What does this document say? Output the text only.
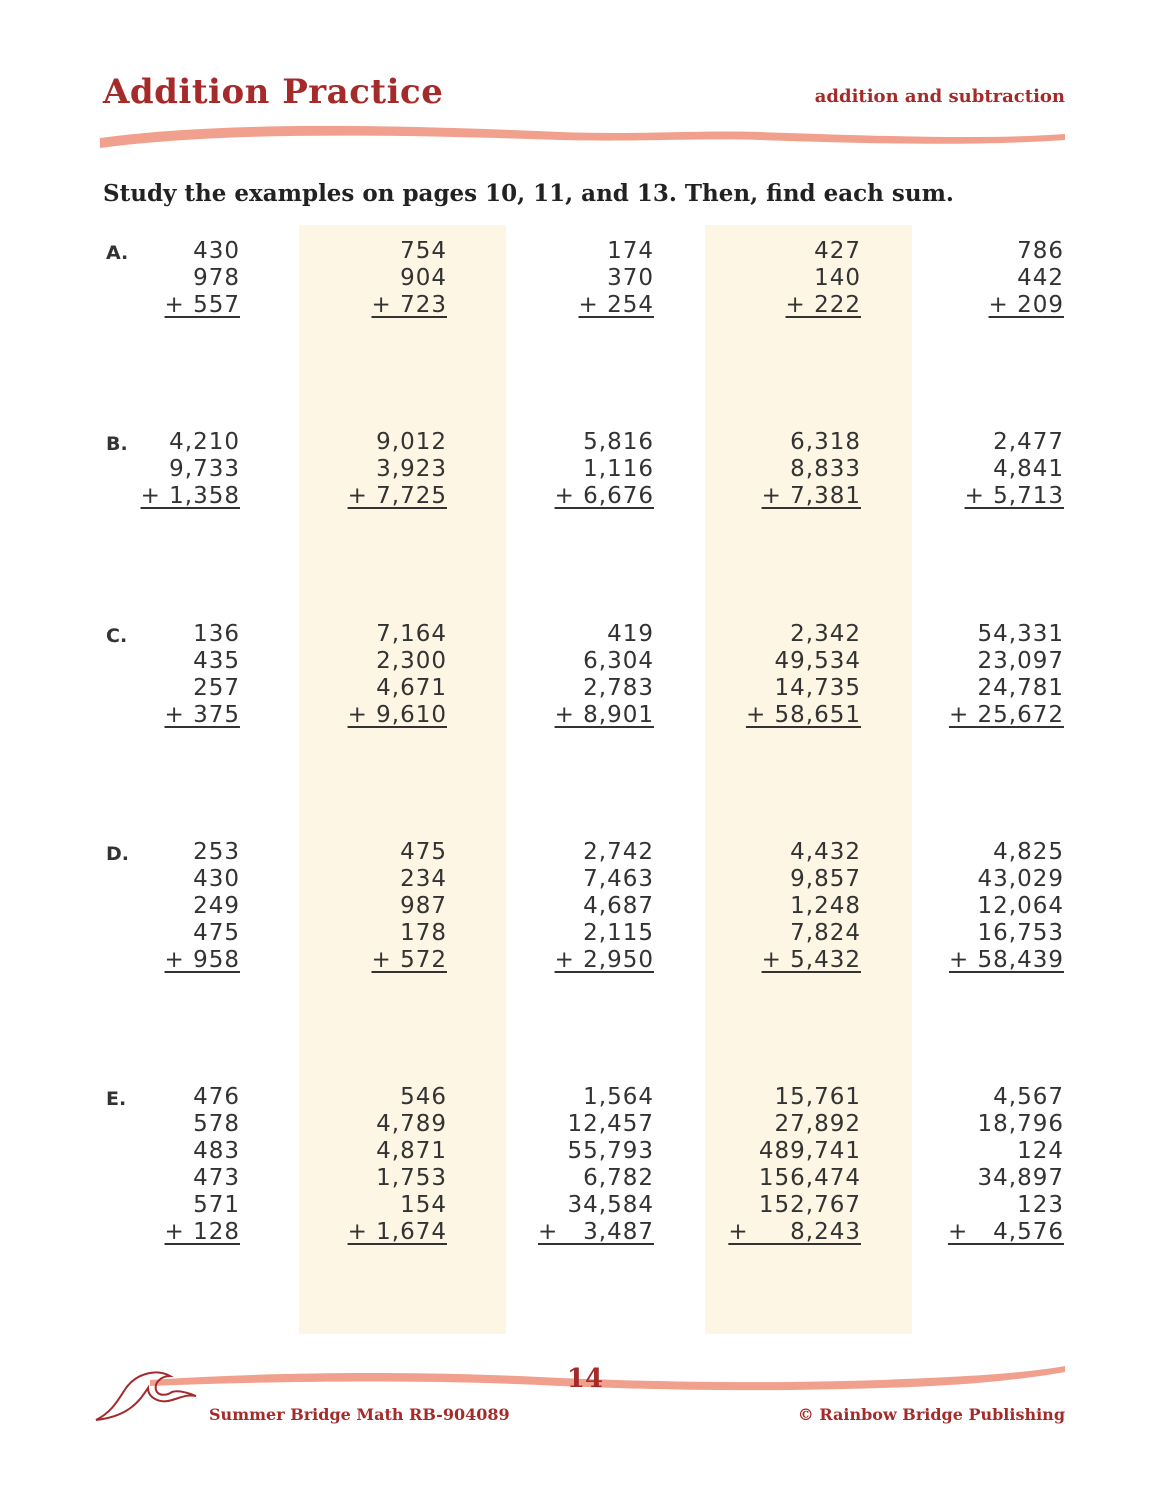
Addition Practice	addition and subtraction
Study the examples on pages 10, 11, and 13. Then, find each sum.
A.	430
978
+ 557
754
904
+ 723
174
370
+ 254
427
140
+ 222
786
442
+ 209
B.	4,210
9,733
+ 1,358
9,012
3,923
+ 7,725
5,816
1,116
+ 6,676
6,318
8,833
+ 7,381
2,477
4,841
+ 5,713
C.	136
435
257
+ 375
7,164
2,300
4,671
+ 9,610
419
6,304
2,783
+ 8,901
2,342
49,534
14,735
+ 58,651
54,331
23,097
24,781
+ 25,672
D.	253
430
249
475
+ 958
475
234
987
178
+ 572
2,742
7,463
4,687
2,115
+ 2,950
4,432
9,857
1,248
7,824
+ 5,432
4,825
43,029
12,064
16,753
+ 58,439
E.	476
578
483
473
571
+ 128
546
4,789
4,871
1,753
154
+ 1,674
1,564
12,457
55,793
6,782
34,584
+   3,487
15,761
27,892
489,741
156,474
152,767
+     8,243
4,567
18,796
124
34,897
123
+   4,576
14
Summer Bridge Math RB-904089	© Rainbow Bridge Publishing
